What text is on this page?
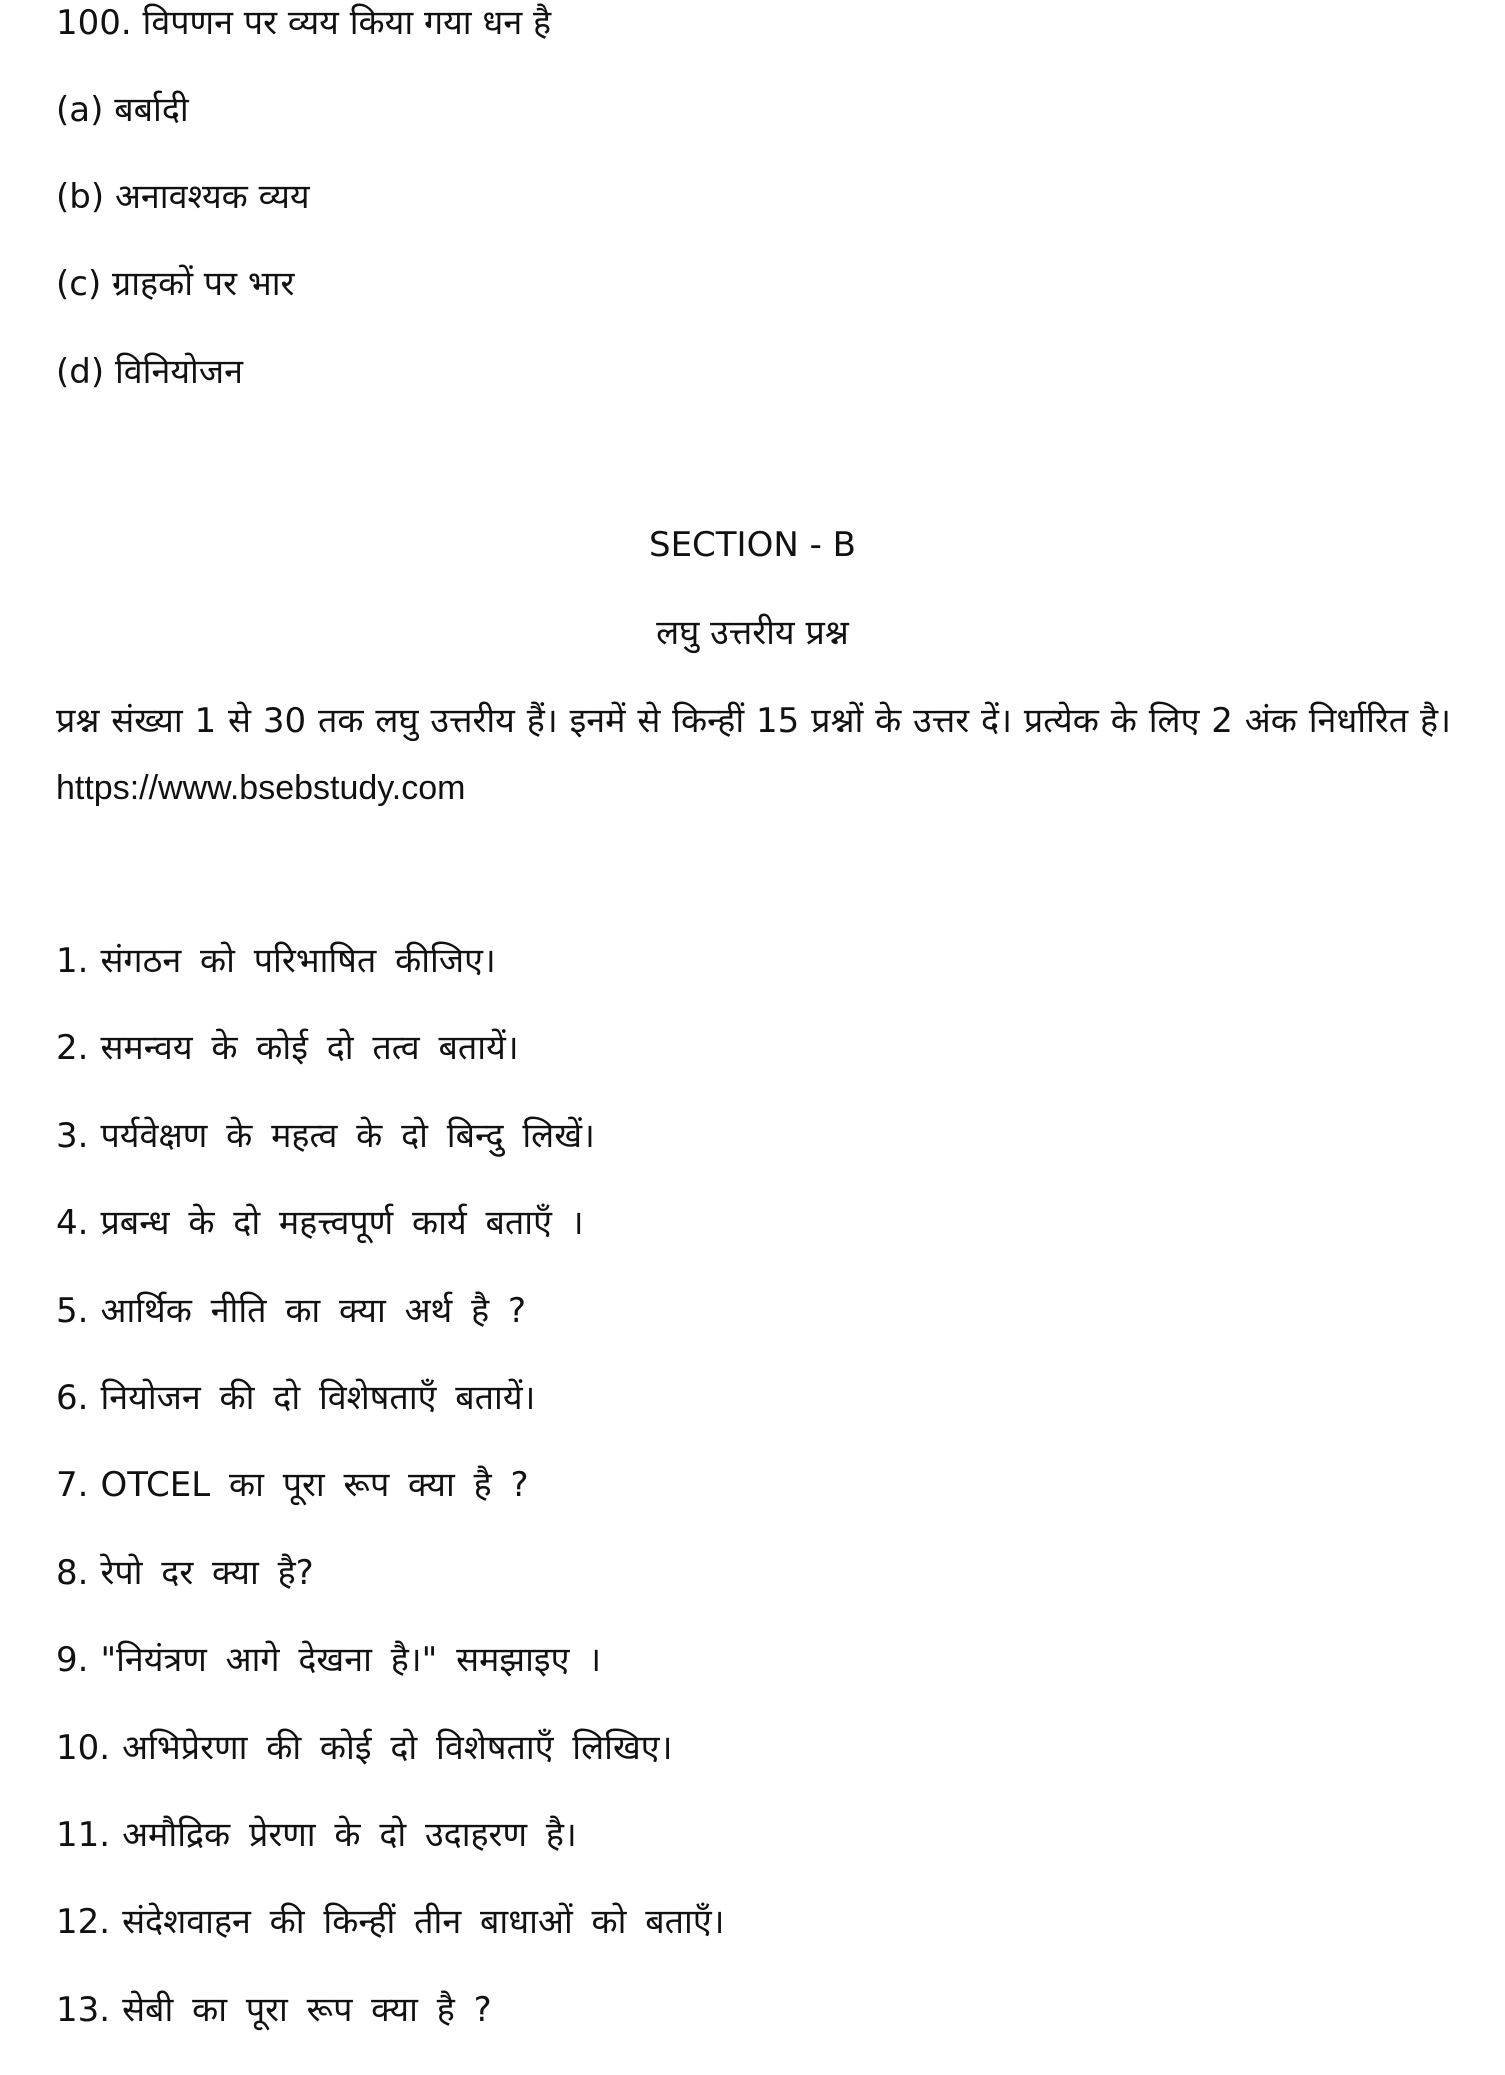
100. विपणन पर व्यय किया गया धन है
(a) बर्बादी
(b) अनावश्यक व्यय
(c) ग्राहकों पर भार
(d) विनियोजन
SECTION - B
लघु उत्तरीय प्रश्न
प्रश्न संख्या 1 से 30 तक लघु उत्तरीय हैं। इनमें से किन्हीं 15 प्रश्नों के उत्तर दें। प्रत्येक के लिए 2 अंक निर्धारित है। https://www.bsebstudy.com
1. संगठन को परिभाषित कीजिए।
2. समन्वय के कोई दो तत्व बतायें।
3. पर्यवेक्षण के महत्व के दो बिन्दु लिखें।
4. प्रबन्ध के दो महत्त्वपूर्ण कार्य बताएँ ।
5. आर्थिक नीति का क्या अर्थ है ?
6. नियोजन की दो विशेषताएँ बतायें।
7. OTCEL का पूरा रूप क्या है ?
8. रेपो दर क्या है?
9. "नियंत्रण आगे देखना है।" समझाइए ।
10. अभिप्रेरणा की कोई दो विशेषताएँ लिखिए।
11. अमौद्रिक प्रेरणा के दो उदाहरण है।
12. संदेशवाहन की किन्हीं तीन बाधाओं को बताएँ।
13. सेबी का पूरा रूप क्या है ?
